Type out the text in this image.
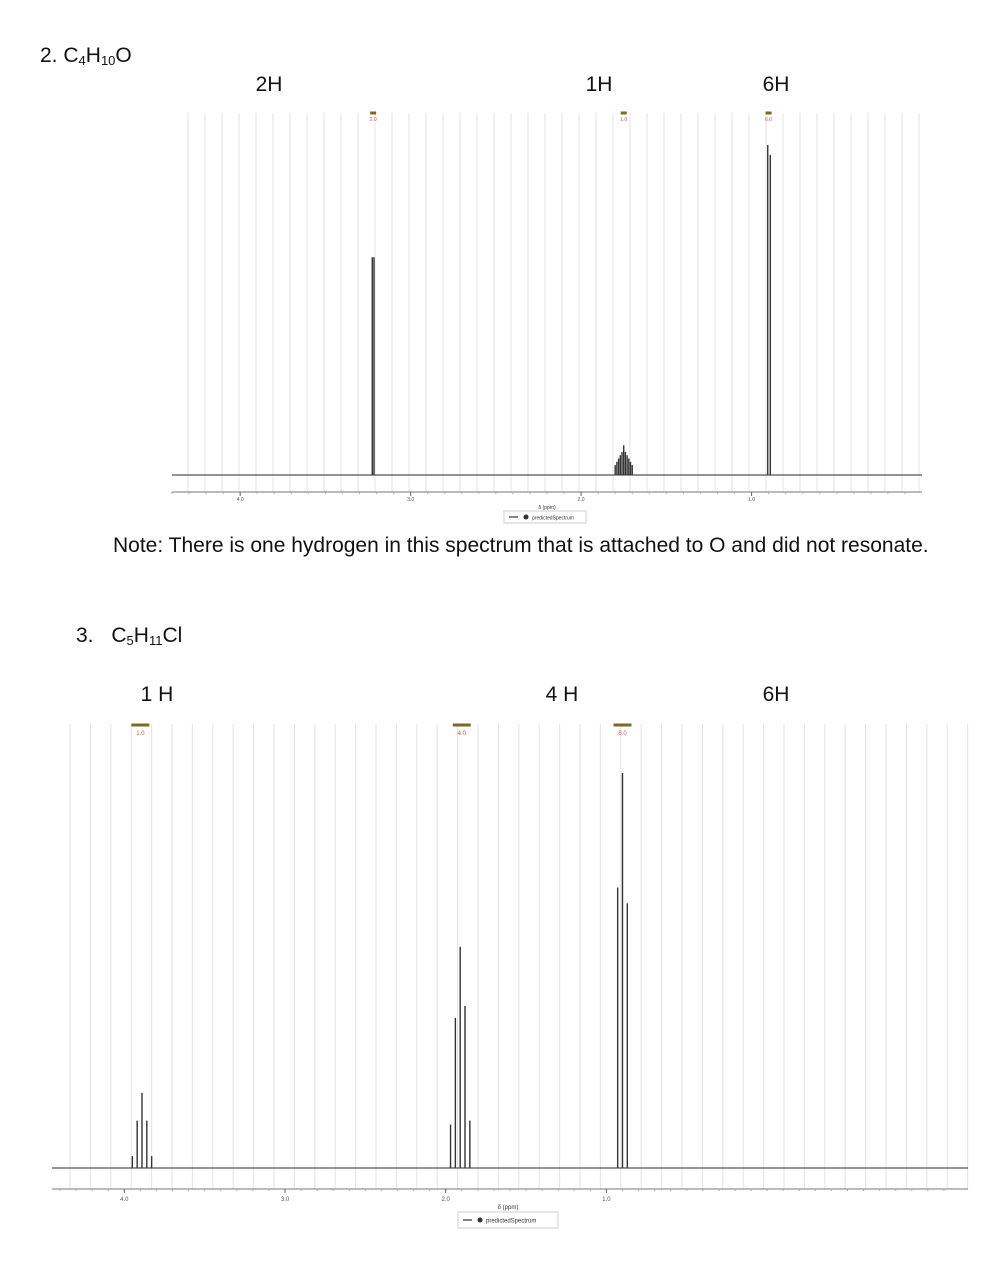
2. $C_4H_{10}O$
2H	1H	6H
4.0	3.0	2.0	1.0
δ (ppm)
predictedSpectrum
2.0	1.0	6.0
Note: There is one hydrogen in this spectrum that is attached to O and did not resonate.
3. $C_5H_{11}Cl$
1 H	4 H	6H
4.0	3.0	2.0	1.0
δ (ppm)
predictedSpectrum
1.0	4.0	6.0
